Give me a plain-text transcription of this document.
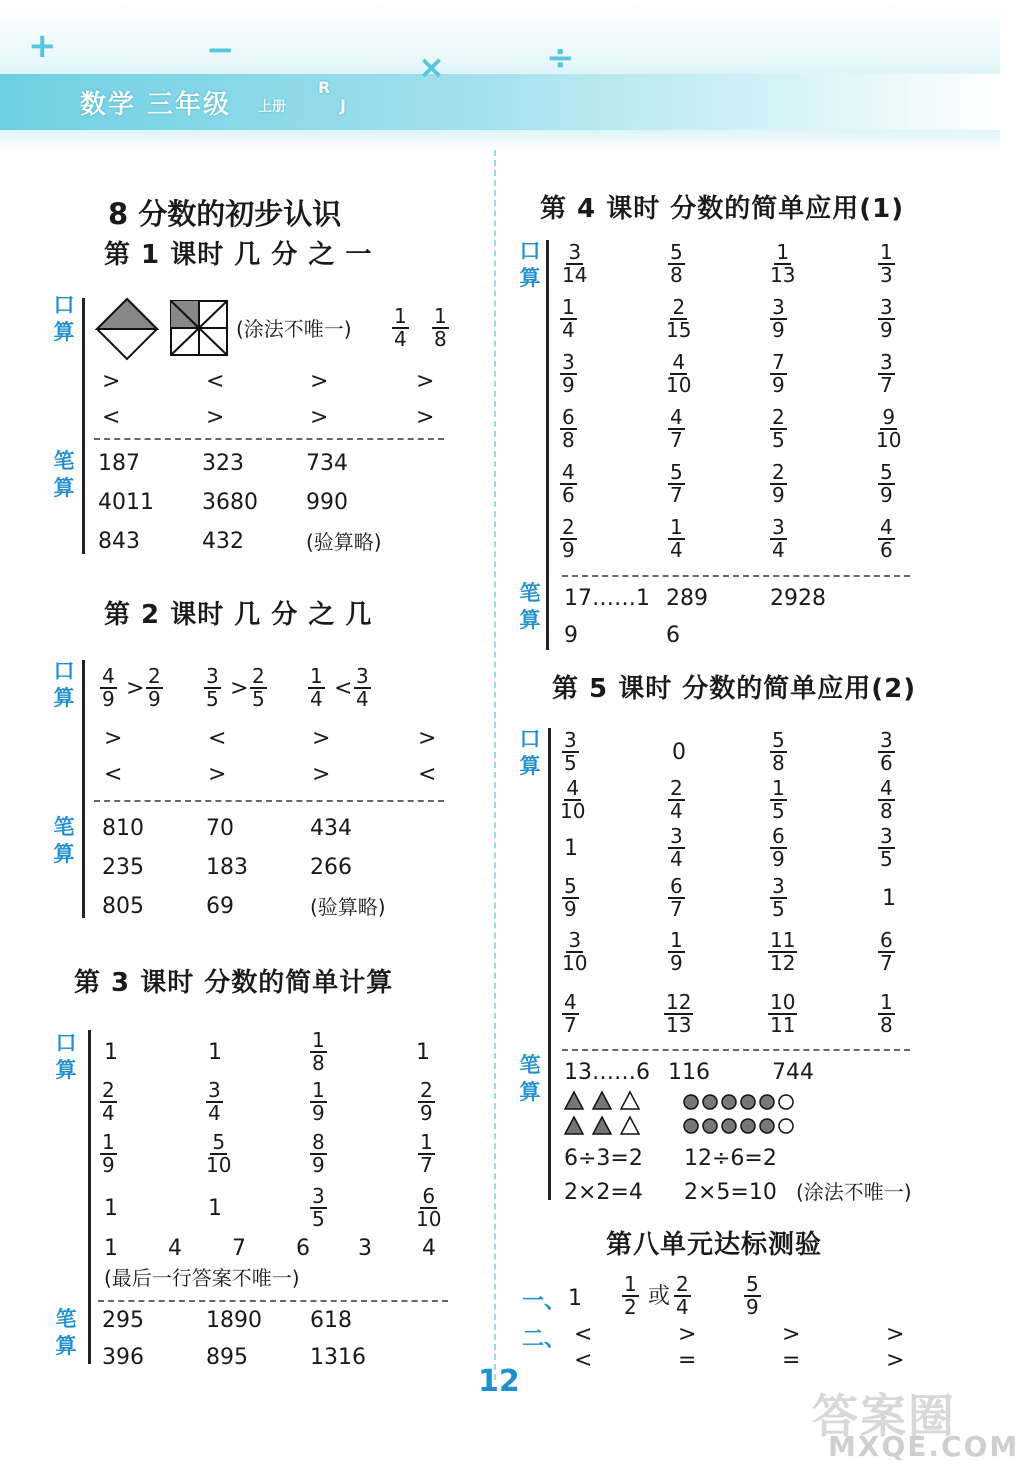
+	−	×	÷
数学 三年级 上册
R
J
8 分数的初步认识
第 1 课时 几 分 之 一
口算	(涂法不唯一) $\frac{1}{4} \frac{1}{8}$
>	<	>	>
<	>	>	>
笔算
187	323	734
4011 3680 990
843	432	(验算略)
第 2 课时 几 分 之 几
口算 $\frac{4}{9} > \frac{2}{9} \frac{3}{5} > \frac{2}{5} \frac{1}{4} < \frac{3}{4}$
>	<	>	>
<	>	>	<
笔算
810	70	434
235	183	266
805	69	(验算略)
第 3 课时 分数的简单计算
口算
1	1	$\frac{1}{8}$	1
$\frac{2}{4}$	$\frac{3}{4}$	$\frac{1}{9}$	$\frac{2}{9}$
$\frac{1}{9}$	$\frac{5}{10}$	$\frac{8}{9}$	$\frac{1}{7}$
1	1	$\frac{3}{5}$	$\frac{6}{10}$
1 4 7 6 3 4
(最后一行答案不唯一)
笔算
295	1890 618
396	895	1316
第 4 课时 分数的简单应用(1)
口算 $\frac{3}{14}$	$\frac{5}{8}$	$\frac{1}{13}$	$\frac{1}{3}$
$\frac{1}{4}$	$\frac{2}{15}$	$\frac{3}{9}$	$\frac{3}{9}$
$\frac{3}{9}$	$\frac{4}{10}$	$\frac{7}{9}$	$\frac{3}{7}$
$\frac{6}{8}$	$\frac{4}{7}$	$\frac{2}{5}$	$\frac{9}{10}$
$\frac{4}{6}$	$\frac{5}{7}$	$\frac{2}{9}$	$\frac{5}{9}$
$\frac{2}{9}$	$\frac{1}{4}$	$\frac{3}{4}$	$\frac{4}{6}$
笔算
17……1 289	2928
9	6
第 5 课时 分数的简单应用(2)
口算 $\frac{3}{5}$	0	$\frac{5}{8}$	$\frac{3}{6}$
$\frac{4}{10}$	$\frac{2}{4}$	$\frac{1}{5}$	$\frac{4}{8}$
1	$\frac{3}{4}$	$\frac{6}{9}$	$\frac{3}{5}$
$\frac{5}{9}$	$\frac{6}{7}$	$\frac{3}{5}$	1
$\frac{3}{10}$	$\frac{1}{9}$	$\frac{11}{12}$	$\frac{6}{7}$
$\frac{4}{7}$	$\frac{12}{13}$	$\frac{10}{11}$	$\frac{1}{8}$
笔算
13……6 116	744
6÷3=2 12÷6=2
2×2=4 2×5=10 (涂法不唯一)
第八单元达标测验
一、 $1 \frac{1}{2}$ 或 $\frac{2}{4}$	$\frac{5}{9}$
二、 <	>	>	>
<	=	=	>
12
答案圈
MXQE.COM
